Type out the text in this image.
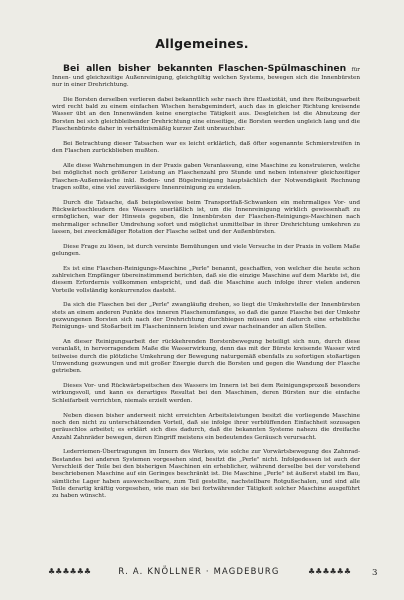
Allgemeines.

Bei allen bisher bekannten Flaschen-Spülmaschinen für Innen- und gleichzeitige Außenreinigung, gleichgültig welchen Systems, bewegen sich die Innenbürsten nur in einer Drehrichtung.

Die Borsten derselben verlieren dabei bekanntlich sehr rasch ihre Elastizität, und ihre Reibungsarbeit wird recht bald zu einem einfachen Wischen herabgemindert, auch das in gleicher Richtung kreisende Wasser übt an den Innenwänden keine energische Tätigkeit aus. Desgleichen ist die Abnutzung der Borsten bei sich gleichbleibender Drehrichtung eine einseitige, die Borsten werden ungleich lang und die Flaschenbürste daher in verhältnismäßig kurzer Zeit unbrauchbar.

Bei Betrachtung dieser Tatsachen war es leicht erklärlich, daß öfter sogenannte Schmierstreifen in den Flaschen zurückblieben mußten.

Alle diese Wahrnehmungen in der Praxis gaben Veranlassung, eine Maschine zu konstruieren, welche bei möglichst noch größerer Leistung an Flaschenzahl pro Stunde und neben intensiver gleichzeitiger Flaschen-Außenwäsche inkl. Boden- und Bügelreinigung hauptsächlich der Notwendigkeit Rechnung tragen sollte, eine viel zuverlässigere Innenreinigung zu erzielen.

Durch die Tatsache, daß beispielsweise beim Transportfaß-Schwanken ein mehrmaliges Vor- und Rückwärtsschleudern des Wassers unerläßlich ist, um die Innenreinigung wirklich gewissenhaft zu ermöglichen, war der Hinweis gegeben, die Innenbürsten der Flaschen-Reinigungs-Maschinen nach mehrmaliger schneller Umdrehung sofort und möglichst unmittelbar in ihrer Drehrichtung umkehren zu lassen, bei zweckmäßiger Rotation der Flasche selbst und der Außenbürsten.

Diese Frage zu lösen, ist durch vereinte Bemühungen und viele Versuche in der Praxis in vollem Maße gelungen.

Es ist eine Flaschen-Reinigungs-Maschine „Perle" benannt, geschaffen, von welcher die heute schon zahlreichen Empfänger übereinstimmend berichten, daß sie die einzige Maschine auf dem Markte ist, die diesem Erfordernis vollkommen entspricht, und daß die Maschine auch infolge ihrer vielen anderen Vorteile vollständig konkurrenzlos dasteht.

Da sich die Flaschen bei der „Perle" zwangläufig drehen, so liegt die Umkehrstelle der Innenbürsten stets an einem anderen Punkte des inneren Flaschenumfanges, so daß die ganze Flasche bei der Umkehr gezwungenen Borsten sich nach der Drehrichtung durchbiegen müssen und dadurch eine erhebliche Reinigungs- und Stoßarbeit im Flascheninnern leisten und zwar nacheinander an allen Stellen.

An dieser Reinigungsarbeit der rückkehrenden Borstenbewegung beteiligt sich nun, durch diese veranlaßt, in hervorragendem Maße die Wasserwirkung, denn das mit der Bürste kreisende Wasser wird teilweise durch die plötzliche Umkehrung der Bewegung naturgemäß ebenfalls zu sofortigen stoßartigen Umwendung gezwungen und mit großer Energie durch die Borsten und gegen die Wandung der Flasche getrieben.

Dieses Vor- und Rückwärtspeitschen des Wassers im Innern ist bei dem Reinigungsprozeß besonders wirkungsvoll, und kann es derartiges Resultat bei den Maschinen, deren Bürsten nur die einfache Schleifarbeit verrichten, niemals erzielt werden.

Neben diesen bisher anderweit nicht erreichten Arbeitsleistungen besitzt die vorliegende Maschine noch den nicht zu unterschätzenden Vorteil, daß sie infolge ihrer verblüffenden Einfachheit sozusagen geräuschlos arbeitet; es erklärt sich dies dadurch, daß die bekannten Systeme nahezu die dreifache Anzahl Zahnräder bewegen, deren Eingriff meistens ein bedeutendes Geräusch verursacht.

Lederriemen-Übertragungen im Innern des Werkes, wie solche zur Vorwärtsbewegung des Zahnrad-Bestandes bei anderen Systemen vorgesehen sind, besitzt die „Perle" nicht. Infolgedessen ist auch der Verschleiß der Teile bei den bisherigen Maschinen ein erheblicher, während derselbe bei der vorstehend beschriebenen Maschine auf ein Geringes beschränkt ist. Die Maschine „Perle" ist äußerst stabil im Bau, sämtliche Lager haben auswechselbare, zum Teil gestellte, nachstellbare Rotgußschalen, und sind alle Teile derartig kräftig vorgesehen, wie man sie bei fortwährender Tätigkeit solcher Maschine ausgeführt zu haben wünscht.

♣ ♣ ♣ ♣ ♣ ♣	R. A. KNÖLLNER · MAGDEBURG	♣ ♣ ♣ ♣ ♣ ♣	3
